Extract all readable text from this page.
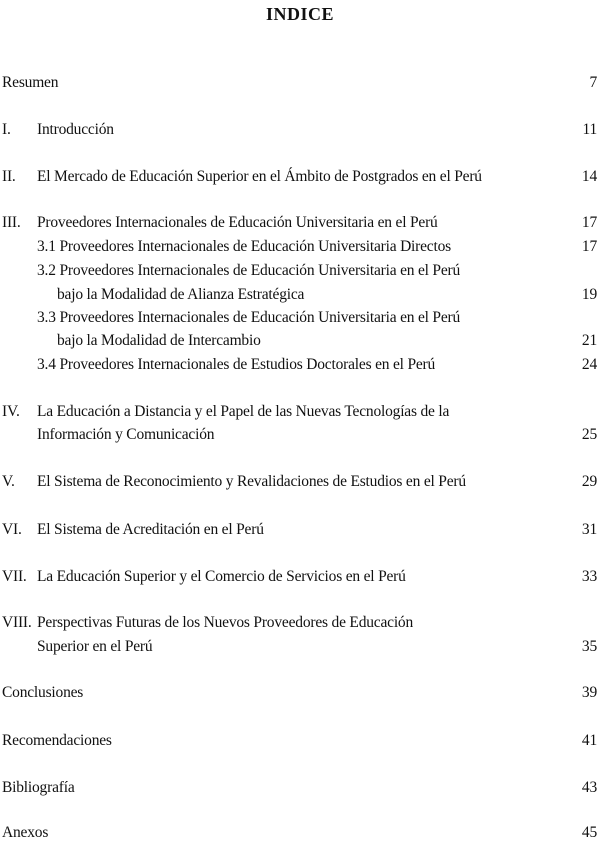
INDICE
Resumen	7
I. Introducción	11
II. El Mercado de Educación Superior en el Ámbito de Postgrados en el Perú	14
III. Proveedores Internacionales de Educación Universitaria en el Perú	17
3.1 Proveedores Internacionales de Educación Universitaria Directos	17
3.2 Proveedores Internacionales de Educación Universitaria en el Perú
bajo la Modalidad de Alianza Estratégica	19
3.3 Proveedores Internacionales de Educación Universitaria en el Perú
bajo la Modalidad de Intercambio	21
3.4 Proveedores Internacionales de Estudios Doctorales en el Perú	24
IV. La Educación a Distancia y el Papel de las Nuevas Tecnologías de la
Información y Comunicación	25
V. El Sistema de Reconocimiento y Revalidaciones de Estudios en el Perú	29
VI. El Sistema de Acreditación en el Perú	31
VII. La Educación Superior y el Comercio de Servicios en el Perú	33
VIII. Perspectivas Futuras de los Nuevos Proveedores de Educación
Superior en el Perú	35
Conclusiones	39
Recomendaciones	41
Bibliografía	43
Anexos	45
